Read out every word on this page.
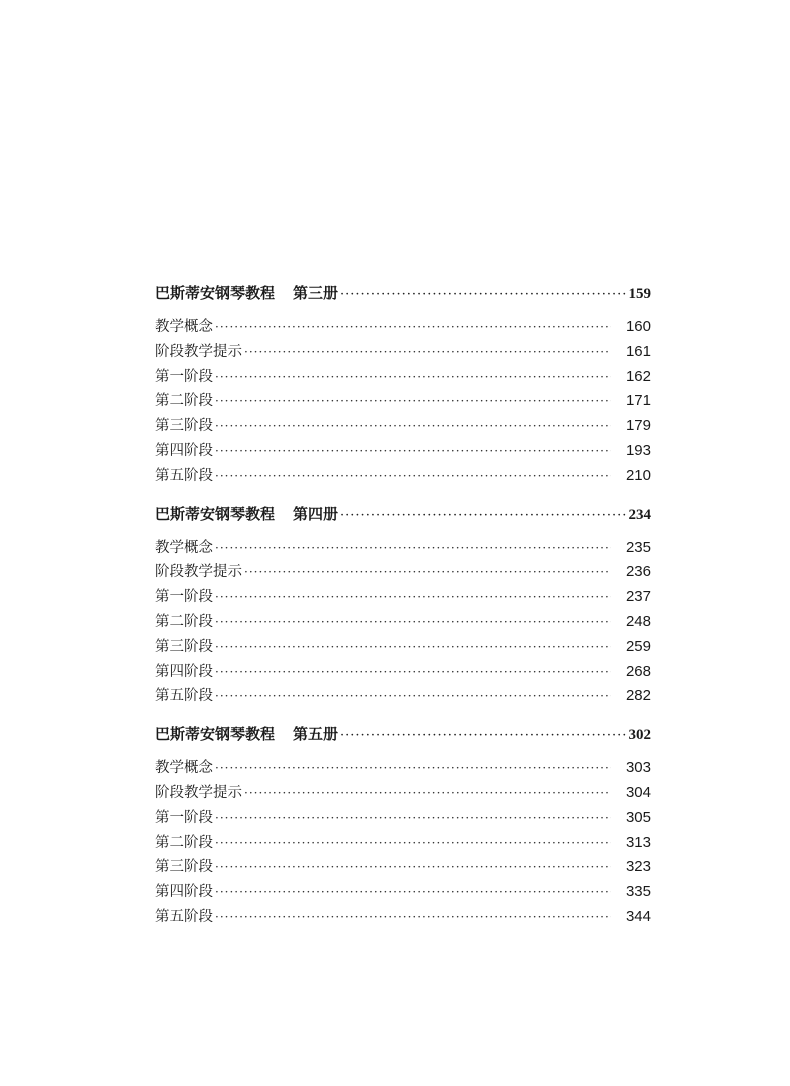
巴斯蒂安钢琴教程 第三册 ·····	159
教学概念 ·····	160
阶段教学提示 ·····	161
第一阶段 ·····	162
第二阶段 ·····	171
第三阶段 ·····	179
第四阶段 ·····	193
第五阶段 ·····	210
巴斯蒂安钢琴教程 第四册 ·····	234
教学概念 ·····	235
阶段教学提示 ·····	236
第一阶段 ·····	237
第二阶段 ·····	248
第三阶段 ·····	259
第四阶段 ·····	268
第五阶段 ·····	282
巴斯蒂安钢琴教程 第五册 ·····	302
教学概念 ·····	303
阶段教学提示 ·····	304
第一阶段 ·····	305
第二阶段 ·····	313
第三阶段 ·····	323
第四阶段 ·····	335
第五阶段 ·····	344
